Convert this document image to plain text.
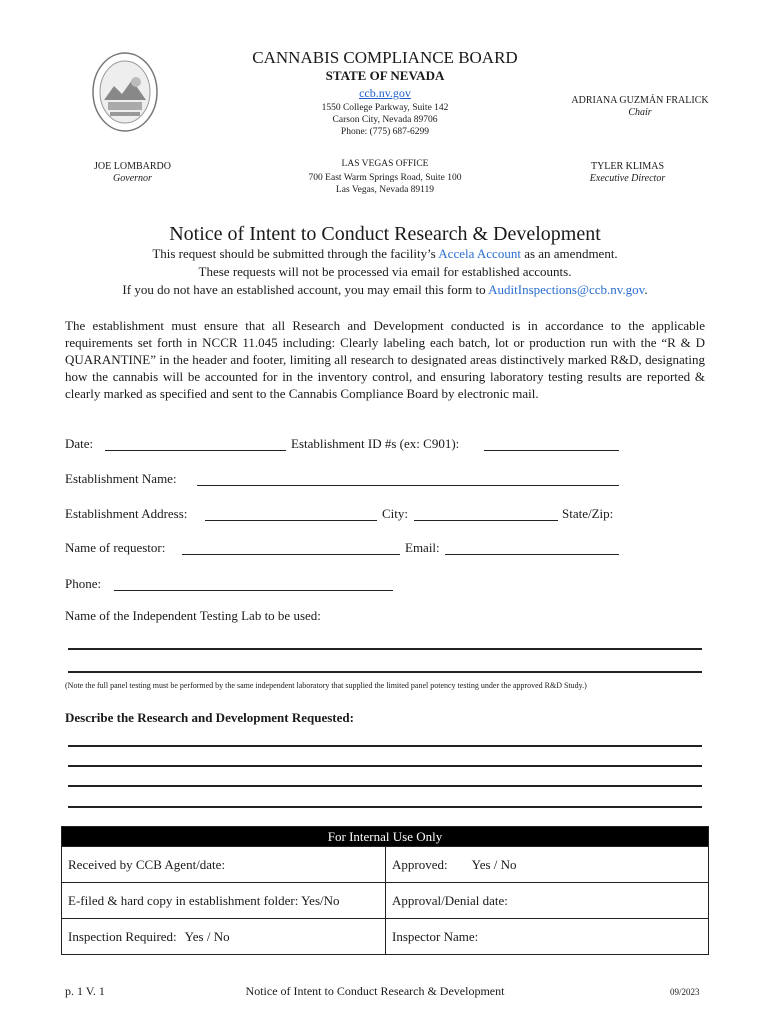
CANNABIS COMPLIANCE BOARD
STATE OF NEVADA
ccb.nv.gov
1550 College Parkway, Suite 142
Carson City, Nevada 89706
Phone: (775) 687-6299
ADRIANA GUZMÁN FRALICK
Chair
JOE LOMBARDO
Governor
LAS VEGAS OFFICE
700 East Warm Springs Road, Suite 100
Las Vegas, Nevada 89119
TYLER KLIMAS
Executive Director
Notice of Intent to Conduct Research & Development
This request should be submitted through the facility’s Accela Account as an amendment.
These requests will not be processed via email for established accounts.
If you do not have an established account, you may email this form to AuditInspections@ccb.nv.gov.
The establishment must ensure that all Research and Development conducted is in accordance to the applicable requirements set forth in NCCR 11.045 including: Clearly labeling each batch, lot or production run with the “R & D QUARANTINE” in the header and footer, limiting all research to designated areas distinctively marked R&D, designating how the cannabis will be accounted for in the inventory control, and ensuring laboratory testing results are reported & clearly marked as specified and sent to the Cannabis Compliance Board by electronic mail.
Date:	Establishment ID #s (ex: C901):
Establishment Name:
Establishment Address:	City:	State/Zip:
Name of requestor:	Email:
Phone:
Name of the Independent Testing Lab to be used:
(Note the full panel testing must be performed by the same independent laboratory that supplied the limited panel potency testing under the approved R&D Study.)
Describe the Research and Development Requested:
For Internal Use Only	
Received by CCB Agent/date:	Approved: Yes / No
E-filed & hard copy in establishment folder: Yes/No	Approval/Denial date:
Inspection Required: Yes / No	Inspector Name:
p. 1 V. 1	Notice of Intent to Conduct Research & Development	09/2023
